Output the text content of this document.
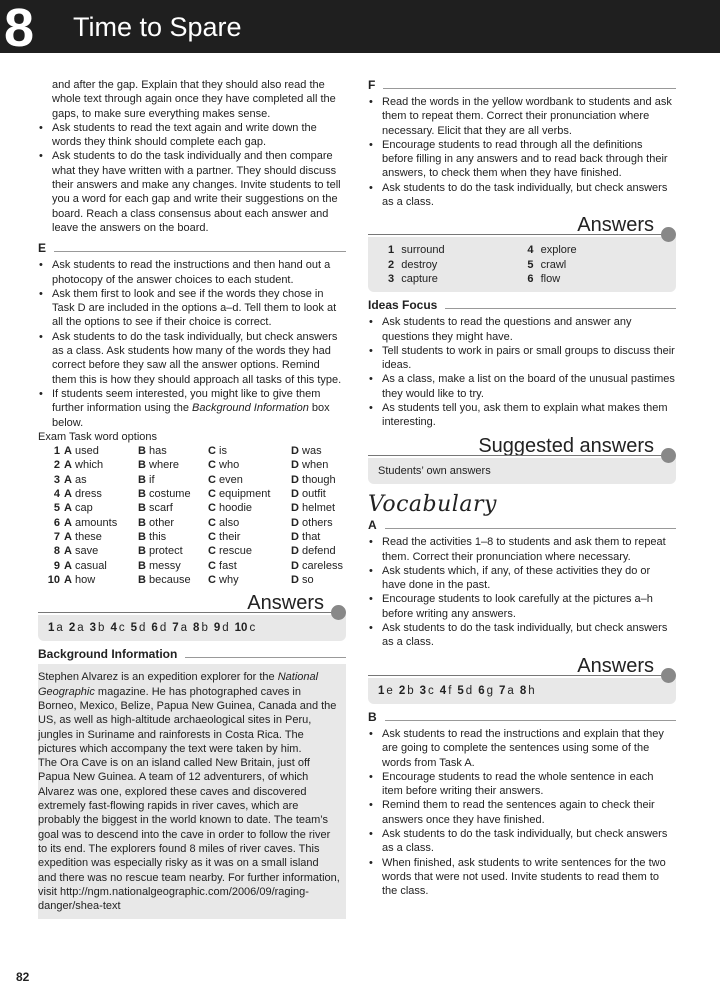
8 Time to Spare

and after the gap. Explain that they should also read the whole text through again once they have completed all the gaps, to make sure everything makes sense.

• Ask students to read the text again and write down the words they think should complete each gap.
• Ask students to do the task individually and then compare what they have written with a partner. They should discuss their answers and make any changes. Invite students to tell you a word for each gap and write their suggestions on the board. Reach a class consensus about each answer and leave the answers on the board.
E
• Ask students to read the instructions and then hand out a photocopy of the answer choices to each student.
• Ask them first to look and see if the words they chose in Task D are included in the options a–d. Tell them to look at all the options to see if their choice is correct.
• Ask students to do the task individually, but check answers as a class. Ask students how many of the words they had correct before they saw all the answer options. Remind them this is how they should approach all tasks of this type.
• If students seem interested, you might like to give them further information using the Background Information box below.
Exam Task word options
1	A used	B has	C is	D was
2	A which	B where	C who	D when
3	A as	B if	C even	D though
4	A dress	B costume	C equipment	D outfit
5	A cap	B scarf	C hoodie	D helmet
6	A amounts	B other	C also	D others
7	A these	B this	C their	D that
8	A save	B protect	C rescue	D defend
9	A casual	B messy	C fast	D careless
10	A how	B because	C why	D so
Answers
1 a 2 a 3 b 4 c 5 d 6 d 7 a 8 b 9 d 10 c
Background Information

Stephen Alvarez is an expedition explorer for the National Geographic magazine. He has photographed caves in Borneo, Mexico, Belize, Papua New Guinea, Canada and the US, as well as high-altitude archaeological sites in Peru, jungles in Suriname and rainforests in Costa Rica. The pictures which accompany the text were taken by him.

The Ora Cave is on an island called New Britain, just off Papua New Guinea. A team of 12 adventurers, of which Alvarez was one, explored these caves and discovered extremely fast-flowing rapids in river caves, which are probably the biggest in the world known to date. The team’s goal was to descend into the cave in order to follow the river to its end. The explorers found 8 miles of river caves. This expedition was especially risky as it was on a small island and there was no rescue team nearby. For further information, visit http://ngm.nationalgeographic.com/2006/09/raging-danger/shea-text

F
• Read the words in the yellow wordbank to students and ask them to repeat them. Correct their pronunciation where necessary. Elicit that they are all verbs.
• Encourage students to read through all the definitions before filling in any answers and to read back through their answers, to check them when they have finished.
• Ask students to do the task individually, but check answers as a class.
Answers
1	surround	4	explore
2	destroy	5	crawl
3	capture	6	flow
Ideas Focus
• Ask students to read the questions and answer any questions they might have.
• Tell students to work in pairs or small groups to discuss their ideas.
• As a class, make a list on the board of the unusual pastimes they would like to try.
• As students tell you, ask them to explain what makes them interesting.
Suggested answers
Students’ own answers
Vocabulary
A
• Read the activities 1–8 to students and ask them to repeat them. Correct their pronunciation where necessary.
• Ask students which, if any, of these activities they do or have done in the past.
• Encourage students to look carefully at the pictures a–h before writing any answers.
• Ask students to do the task individually, but check answers as a class.
Answers
1 e 2 b 3 c 4 f 5 d 6 g 7 a 8 h
B
• Ask students to read the instructions and explain that they are going to complete the sentences using some of the words from Task A.
• Encourage students to read the whole sentence in each item before writing their answers.
• Remind them to read the sentences again to check their answers once they have finished.
• Ask students to do the task individually, but check answers as a class.
• When finished, ask students to write sentences for the two words that were not used. Invite students to read them to the class.
82
